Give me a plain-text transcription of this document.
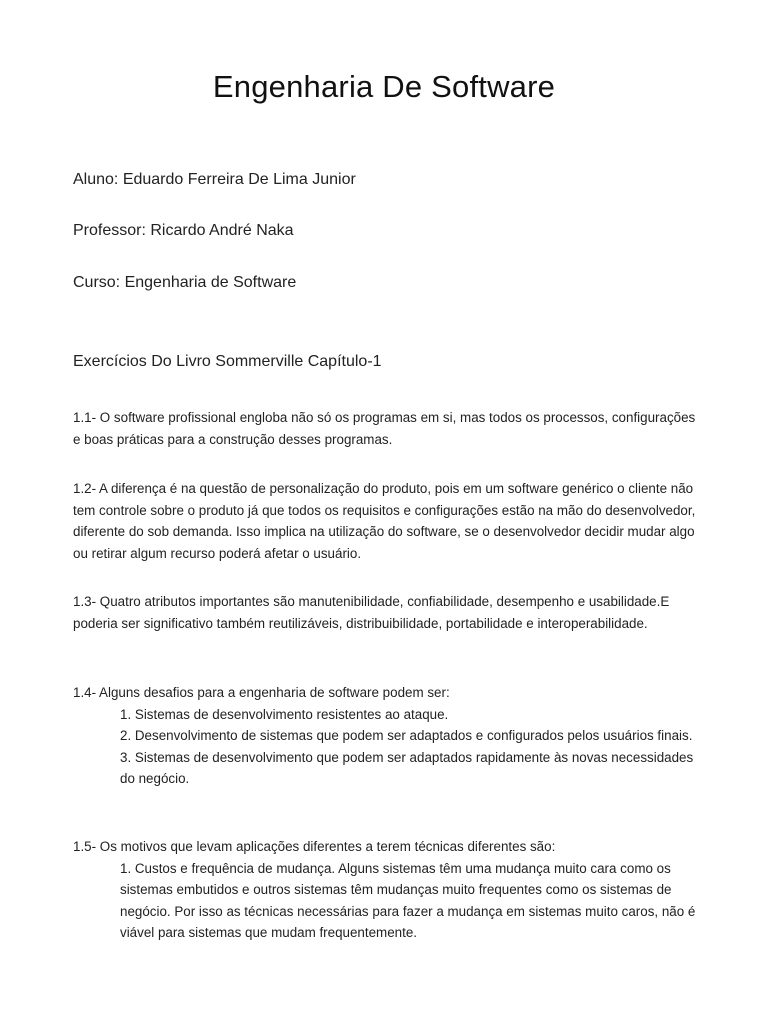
Engenharia De Software
Aluno: Eduardo Ferreira De Lima Junior
Professor: Ricardo André Naka
Curso: Engenharia de Software
Exercícios Do Livro Sommerville Capítulo-1

1.1- O software profissional engloba não só os programas em si, mas todos os processos, configurações e boas práticas para a construção desses programas.

1.2- A diferença é na questão de personalização do produto, pois em um software genérico o cliente não tem controle sobre o produto já que todos os requisitos e configurações estão na mão do desenvolvedor, diferente do sob demanda. Isso implica na utilização do software, se o desenvolvedor decidir mudar algo ou retirar algum recurso poderá afetar o usuário.

1.3- Quatro atributos importantes são manutenibilidade, confiabilidade, desempenho e usabilidade.E poderia ser significativo também reutilizáveis, distribuibilidade, portabilidade e interoperabilidade.

1.4- Alguns desafios para a engenharia de software podem ser:

1. Sistemas de desenvolvimento resistentes ao ataque.

2. Desenvolvimento de sistemas que podem ser adaptados e configurados pelos usuários finais.

3. Sistemas de desenvolvimento que podem ser adaptados rapidamente às novas necessidades do negócio.

1.5- Os motivos que levam aplicações diferentes a terem técnicas diferentes são:

1. Custos e frequência de mudança. Alguns sistemas têm uma mudança muito cara como os sistemas embutidos e outros sistemas têm mudanças muito frequentes como os sistemas de negócio. Por isso as técnicas necessárias para fazer a mudança em sistemas muito caros, não é viável para sistemas que mudam frequentemente.
